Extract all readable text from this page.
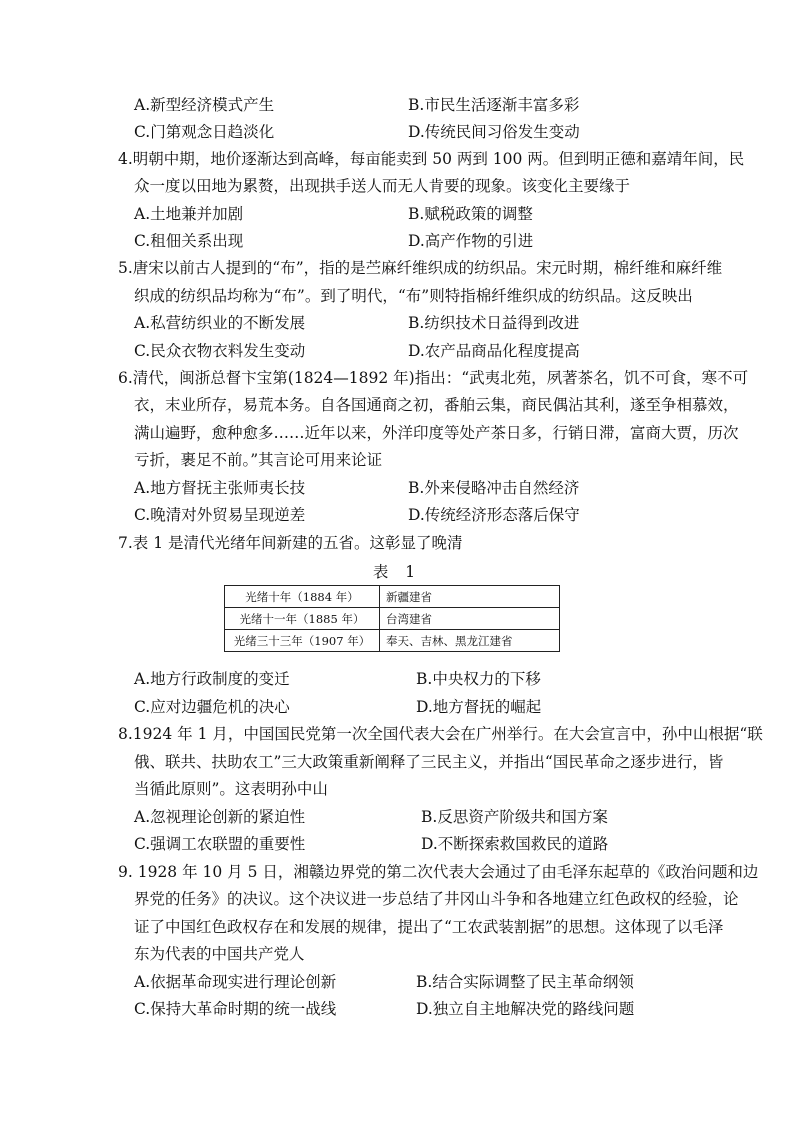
A.新型经济模式产生	B.市民生活逐渐丰富多彩
C.门第观念日趋淡化	D.传统民间习俗发生变动
4.明朝中期，地价逐渐达到高峰，每亩能卖到 50 两到 100 两。但到明正德和嘉靖年间，民
众一度以田地为累赘，出现拱手送人而无人肯要的现象。该变化主要缘于
A.土地兼并加剧	B.赋税政策的调整
C.租佃关系出现	D.高产作物的引进
5.唐宋以前古人提到的“布”，指的是苎麻纤维织成的纺织品。宋元时期，棉纤维和麻纤维
织成的纺织品均称为“布”。到了明代，“布”则特指棉纤维织成的纺织品。这反映出
A.私营纺织业的不断发展	B.纺织技术日益得到改进
C.民众衣物衣料发生变动	D.农产品商品化程度提高
6.清代，闽浙总督卞宝第(1824—1892 年)指出：“武夷北苑，夙著茶名，饥不可食，寒不可
衣，末业所存，易荒本务。自各国通商之初，番舶云集，商民偶沾其利，遂至争相慕效，
满山遍野，愈种愈多……近年以来，外洋印度等处产茶日多，行销日滞，富商大贾，历次
亏折，裹足不前。”其言论可用来论证
A.地方督抚主张师夷长技	B.外来侵略冲击自然经济
C.晚清对外贸易呈现逆差	D.传统经济形态落后保守
7.表 1 是清代光绪年间新建的五省。这彰显了晚清
表 1
光绪十年（1884 年）	新疆建省
光绪十一年（1885 年）	台湾建省
光绪三十三年（1907 年）	奉天、吉林、黑龙江建省
A.地方行政制度的变迁	B.中央权力的下移
C.应对边疆危机的决心	D.地方督抚的崛起
8.1924 年 1 月，中国国民党第一次全国代表大会在广州举行。在大会宣言中，孙中山根据“联
俄、联共、扶助农工”三大政策重新阐释了三民主义，并指出“国民革命之逐步进行，皆
当循此原则”。这表明孙中山
A.忽视理论创新的紧迫性	B.反思资产阶级共和国方案
C.强调工农联盟的重要性	D.不断探索救国救民的道路
9. 1928 年 10 月 5 日，湘赣边界党的第二次代表大会通过了由毛泽东起草的《政治问题和边
界党的任务》的决议。这个决议进一步总结了井冈山斗争和各地建立红色政权的经验，论
证了中国红色政权存在和发展的规律，提出了“工农武装割据”的思想。这体现了以毛泽
东为代表的中国共产党人
A.依据革命现实进行理论创新	B.结合实际调整了民主革命纲领
C.保持大革命时期的统一战线	D.独立自主地解决党的路线问题
